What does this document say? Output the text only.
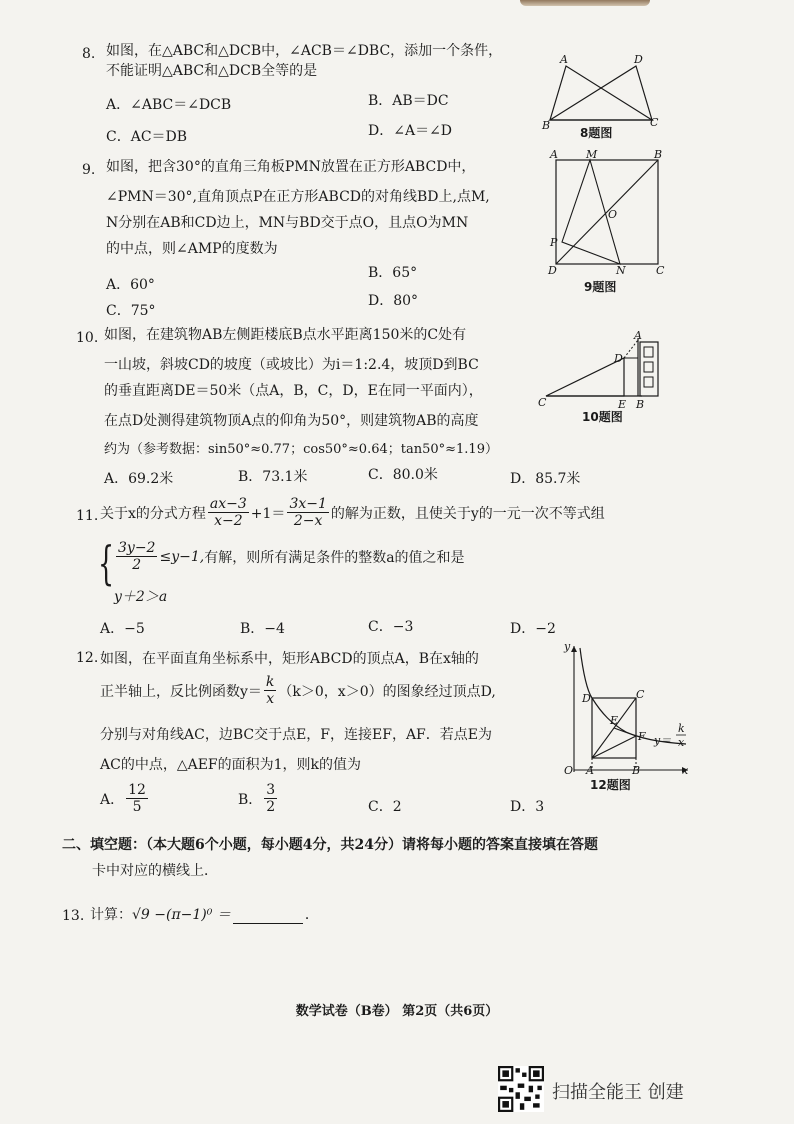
8. 如图，在△ABC和△DCB中，∠ACB＝∠DBC，添加一个条件，
不能证明△ABC和△DCB全等的是
A．∠ABC＝∠DCB	B．AB＝DC
C．AC＝DB	D．∠A＝∠D
A	D
B	C
8题图
9. 如图，把含30°的直角三角板PMN放置在正方形ABCD中，
∠PMN＝30°,直角顶点P在正方形ABCD的对角线BD上,点M,
N分别在AB和CD边上，MN与BD交于点O，且点O为MN
的中点，则∠AMP的度数为
A．60°
B．65°
C．75°
D．80°
A	M	B
O
P
D	N	C
9题图
10. 如图，在建筑物AB左侧距楼底B点水平距离150米的C处有
一山坡，斜坡CD的坡度（或坡比）为i＝1:2.4，坡顶D到BC
的垂直距离DE＝50米（点A，B，C，D，E在同一平面内），
在点D处测得建筑物顶A点的仰角为50°，则建筑物AB的高度
约为（参考数据：sin50°≈0.77；cos50°≈0.64；tan50°≈1.19）
A．69.2米	B．73.1米	C．80.0米	D．85.7米
A
D
C	E B
10题图
11. 关于x的分式方程 $\frac{ax-3}{x-2} +1= \frac{3x-1}{2-x}$ 的解为正数，且使关于y的一元一次不等式组
{ $\frac{3y-2}{2} \le y-1$, 有解，则所有满足条件的整数a的值之和是
y＋2＞a
A．−5	B．−4	C．−3	D．−2
12. 如图，在平面直角坐标系中，矩形ABCD的顶点A，B在x轴的
正半轴上，反比例函数$y= \frac{k}{x} (k>0$，x＞0）的图象经过顶点D,
分别与对角线AC，边BC交于点E，F，连接EF，AF．若点E为
AC的中点，△AEF的面积为1，则k的值为
A． $\frac{12}{5}$	B． $\frac{3}{2}$	C．2	D．3
y
x
O A	B
C
D
E
F y＝
k
x
12题图
二、填空题：（本大题6个小题，每小题4分，共24分）请将每小题的答案直接填在答题
卡中对应的横线上．
13. 计算： √9 −(π−1)⁰ ＝	．
数学试卷（B卷） 第2页（共6页）
扫描全能王 创建
